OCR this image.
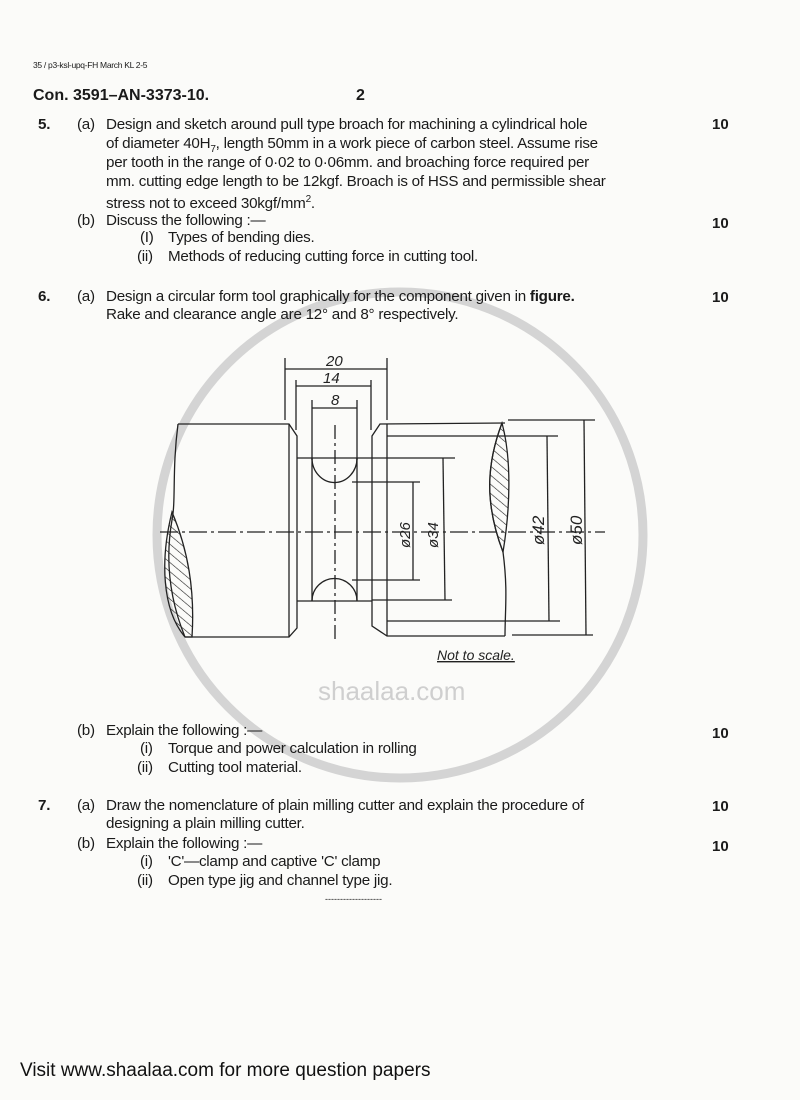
shaalaa.com
35 / p3-ksl-upq-FH March KL 2-5
Con. 3591–AN-3373-10.	2
5. (a) Design and sketch around pull type broach for machining a cylindrical hole
of diameter $40H_7$, length 50mm in a work piece of carbon steel. Assume rise
per tooth in the range of 0·02 to 0·06mm. and broaching force required per
mm. cutting edge length to be 12kgf. Broach is of HSS and permissible shear
stress not to exceed $30kgf/mm^2$.
10
(b) Discuss the following :—	10
(I) Types of bending dies.
(ii) Methods of reducing cutting force in cutting tool.
6. (a) Design a circular form tool graphically for the component given in figure.
Rake and clearance angle are 12° and 8° respectively.
10
20
14
8
ø26 ø34	ø42 ø50
Not to scale.
(b) Explain the following :—	10
(i) Torque and power calculation in rolling
(ii) Cutting tool material.
7. (a) Draw the nomenclature of plain milling cutter and explain the procedure of
designing a plain milling cutter.
10
(b) Explain the following :—	10
(i) 'C'—clamp and captive 'C' clamp
(ii) Open type jig and channel type jig.
-------------------
Visit www.shaalaa.com for more question papers
